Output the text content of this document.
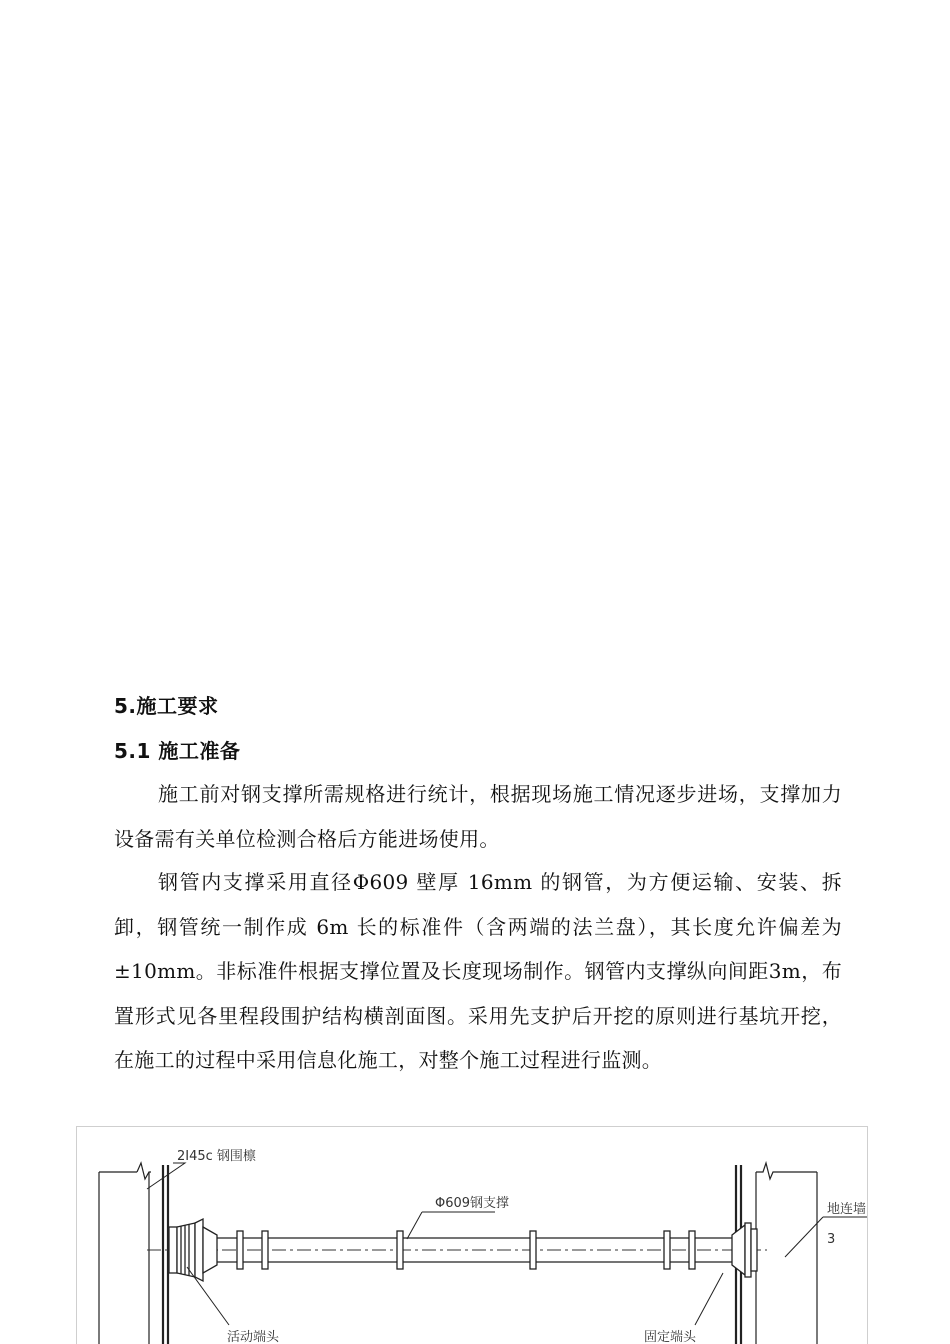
5.施工要求
5.1 施工准备

施工前对钢支撑所需规格进行统计，根据现场施工情况逐步进场，支撑加力设备需有关单位检测合格后方能进场使用。

钢管内支撑采用直径Φ609 壁厚 16mm 的钢管，为方便运输、安装、拆卸，钢管统一制作成 6m 长的标准件（含两端的法兰盘），其长度允许偏差为±10mm。非标准件根据支撑位置及长度现场制作。钢管内支撑纵向间距3m，布置形式见各里程段围护结构横剖面图。采用先支护后开挖的原则进行基坑开挖，在施工的过程中采用信息化施工，对整个施工过程进行监测。

2I45c 钢围檩
Φ609钢支撑	地连墙
3
活动端头	固定端头
